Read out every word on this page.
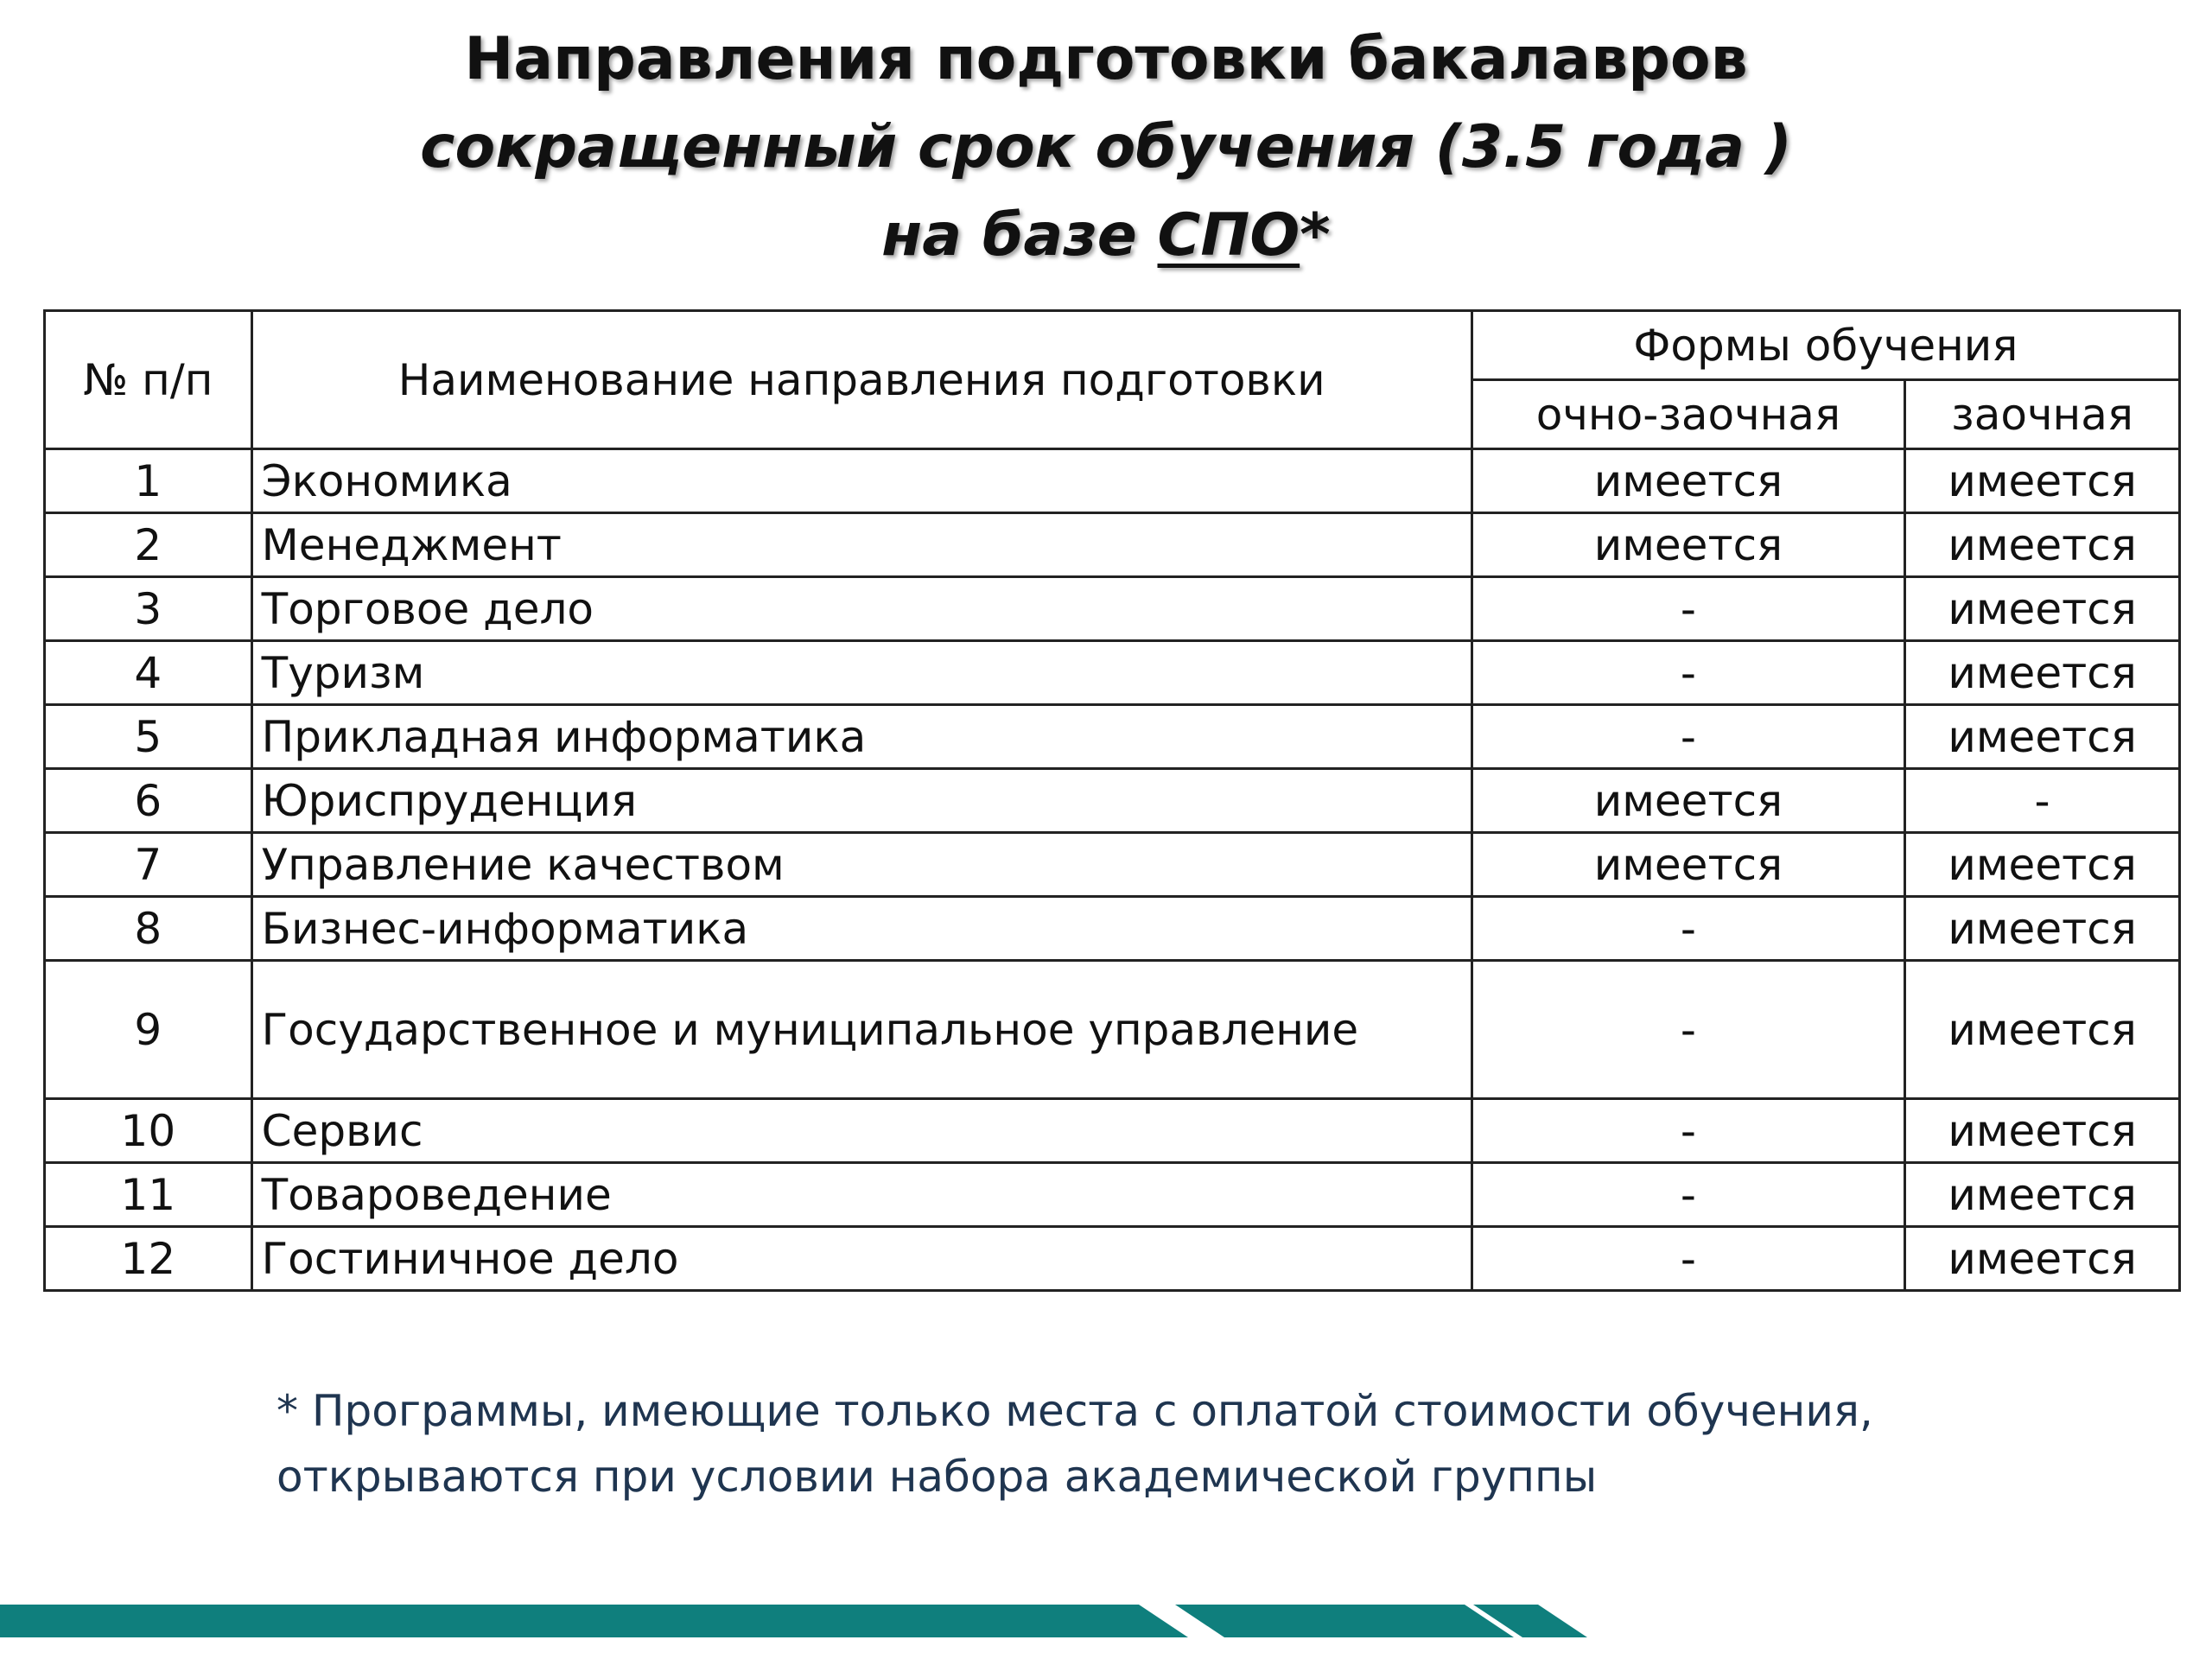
Направления подготовки бакалавров
сокращенный срок обучения (3.5 года )
на базе СПО*
№ п/п	Наименование направления подготовки	Формы обучения	
		очно-заочная	заочная
1	Экономика	имеется	имеется
2	Менеджмент	имеется	имеется
3	Торговое дело	-	имеется
4	Туризм	-	имеется
5	Прикладная информатика	-	имеется
6	Юриспруденция	имеется	-
7	Управление качеством	имеется	имеется
8	Бизнес-информатика	-	имеется
9	Государственное и муниципальное управление	-	имеется
10	Сервис	-	имеется
11	Товароведение	-	имеется
12	Гостиничное дело	-	имеется
* Программы, имеющие только места с оплатой стоимости обучения,
открываются при условии набора академической группы
